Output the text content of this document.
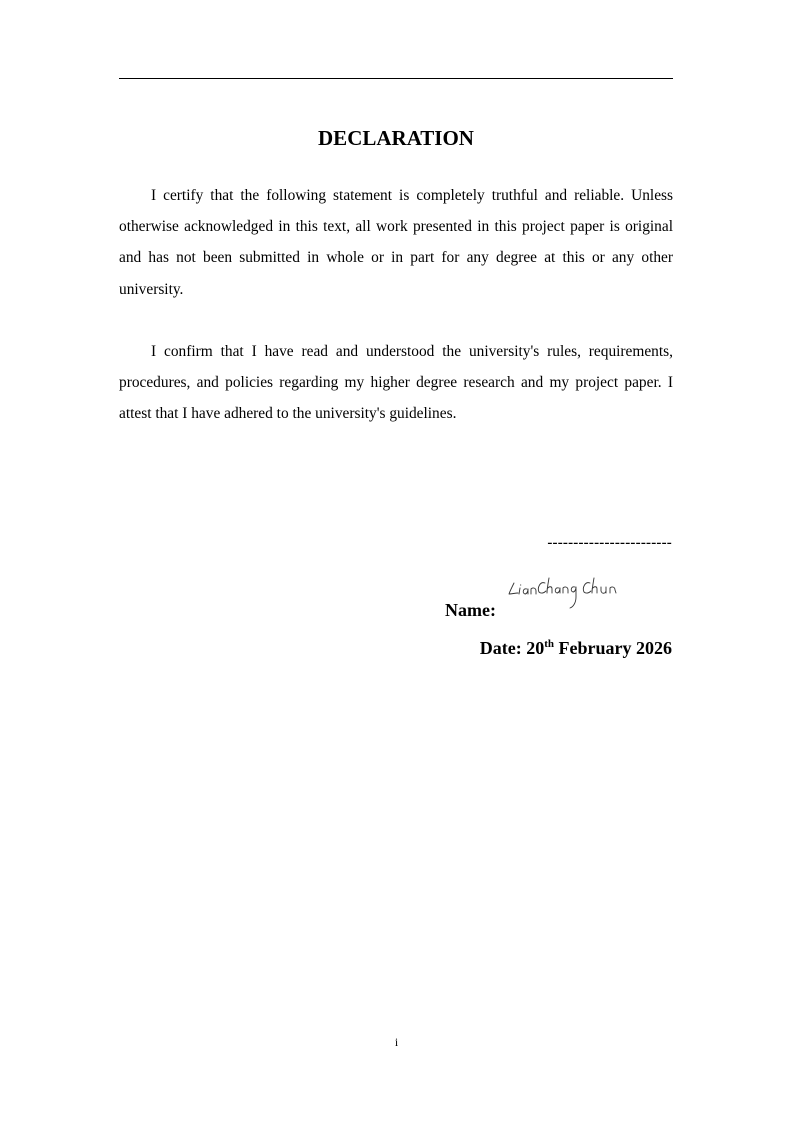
DECLARATION

I certify that the following statement is completely truthful and reliable. Unless otherwise acknowledged in this text, all work presented in this project paper is original and has not been submitted in whole or in part for any degree at this or any other university.

I confirm that I have read and understood the university's rules, requirements, procedures, and policies regarding my higher degree research and my project paper. I attest that I have adhered to the university's guidelines.

------------------------
Name:
Date: 20th February 2026
i
